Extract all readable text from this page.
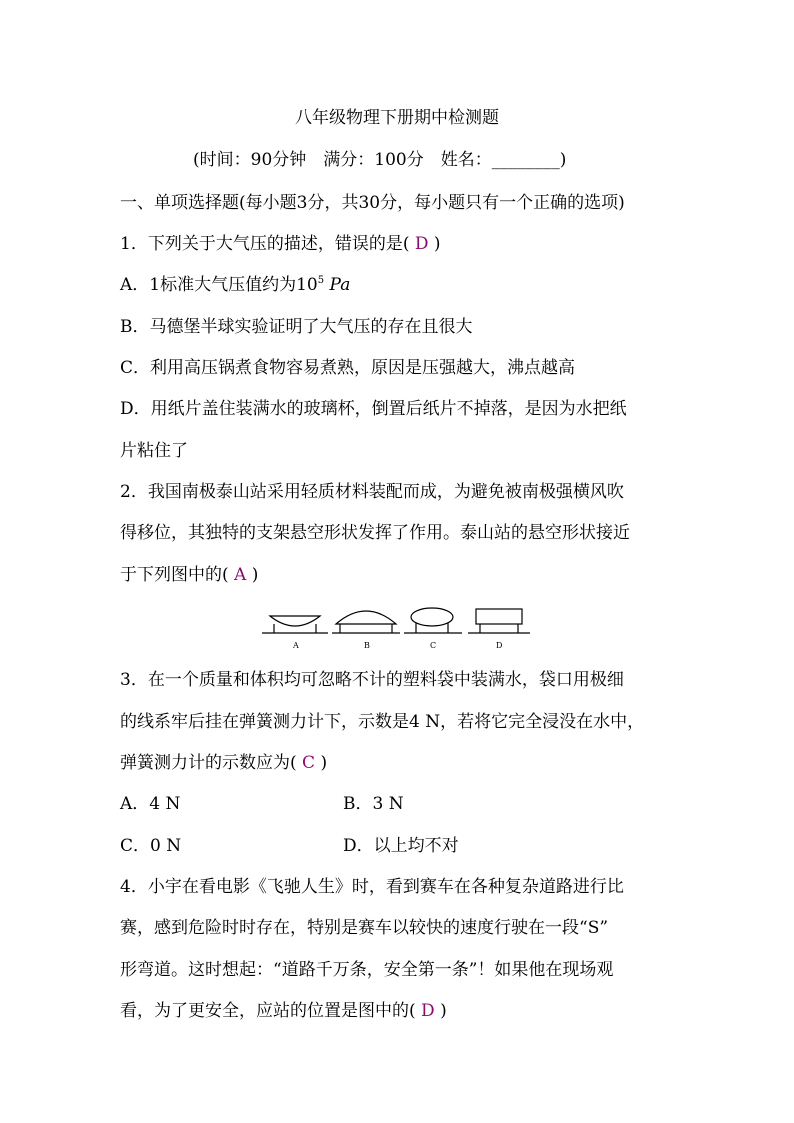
八年级物理下册期中检测题
(时间：90分钟　满分：100分　姓名：________)
一、单项选择题(每小题3分，共30分，每小题只有一个正确的选项)
1．下列关于大气压的描述，错误的是( D )
A．1标准大气压值约为$10^5$ Pa
B．马德堡半球实验证明了大气压的存在且很大
C．利用高压锅煮食物容易煮熟，原因是压强越大，沸点越高
D．用纸片盖住装满水的玻璃杯，倒置后纸片不掉落，是因为水把纸
片粘住了
2．我国南极泰山站采用轻质材料装配而成，为避免被南极强横风吹
得移位，其独特的支架悬空形状发挥了作用。泰山站的悬空形状接近
于下列图中的( A )
A	B	C	D
3．在一个质量和体积均可忽略不计的塑料袋中装满水，袋口用极细
的线系牢后挂在弹簧测力计下，示数是4 N，若将它完全浸没在水中，
弹簧测力计的示数应为( C )
A．4 N	B．3 N
C．0 N	D．以上均不对
4．小宇在看电影《飞驰人生》时，看到赛车在各种复杂道路进行比
赛，感到危险时时存在，特别是赛车以较快的速度行驶在一段“S”
形弯道。这时想起：“道路千万条，安全第一条”！如果他在现场观
看，为了更安全，应站的位置是图中的( D )
